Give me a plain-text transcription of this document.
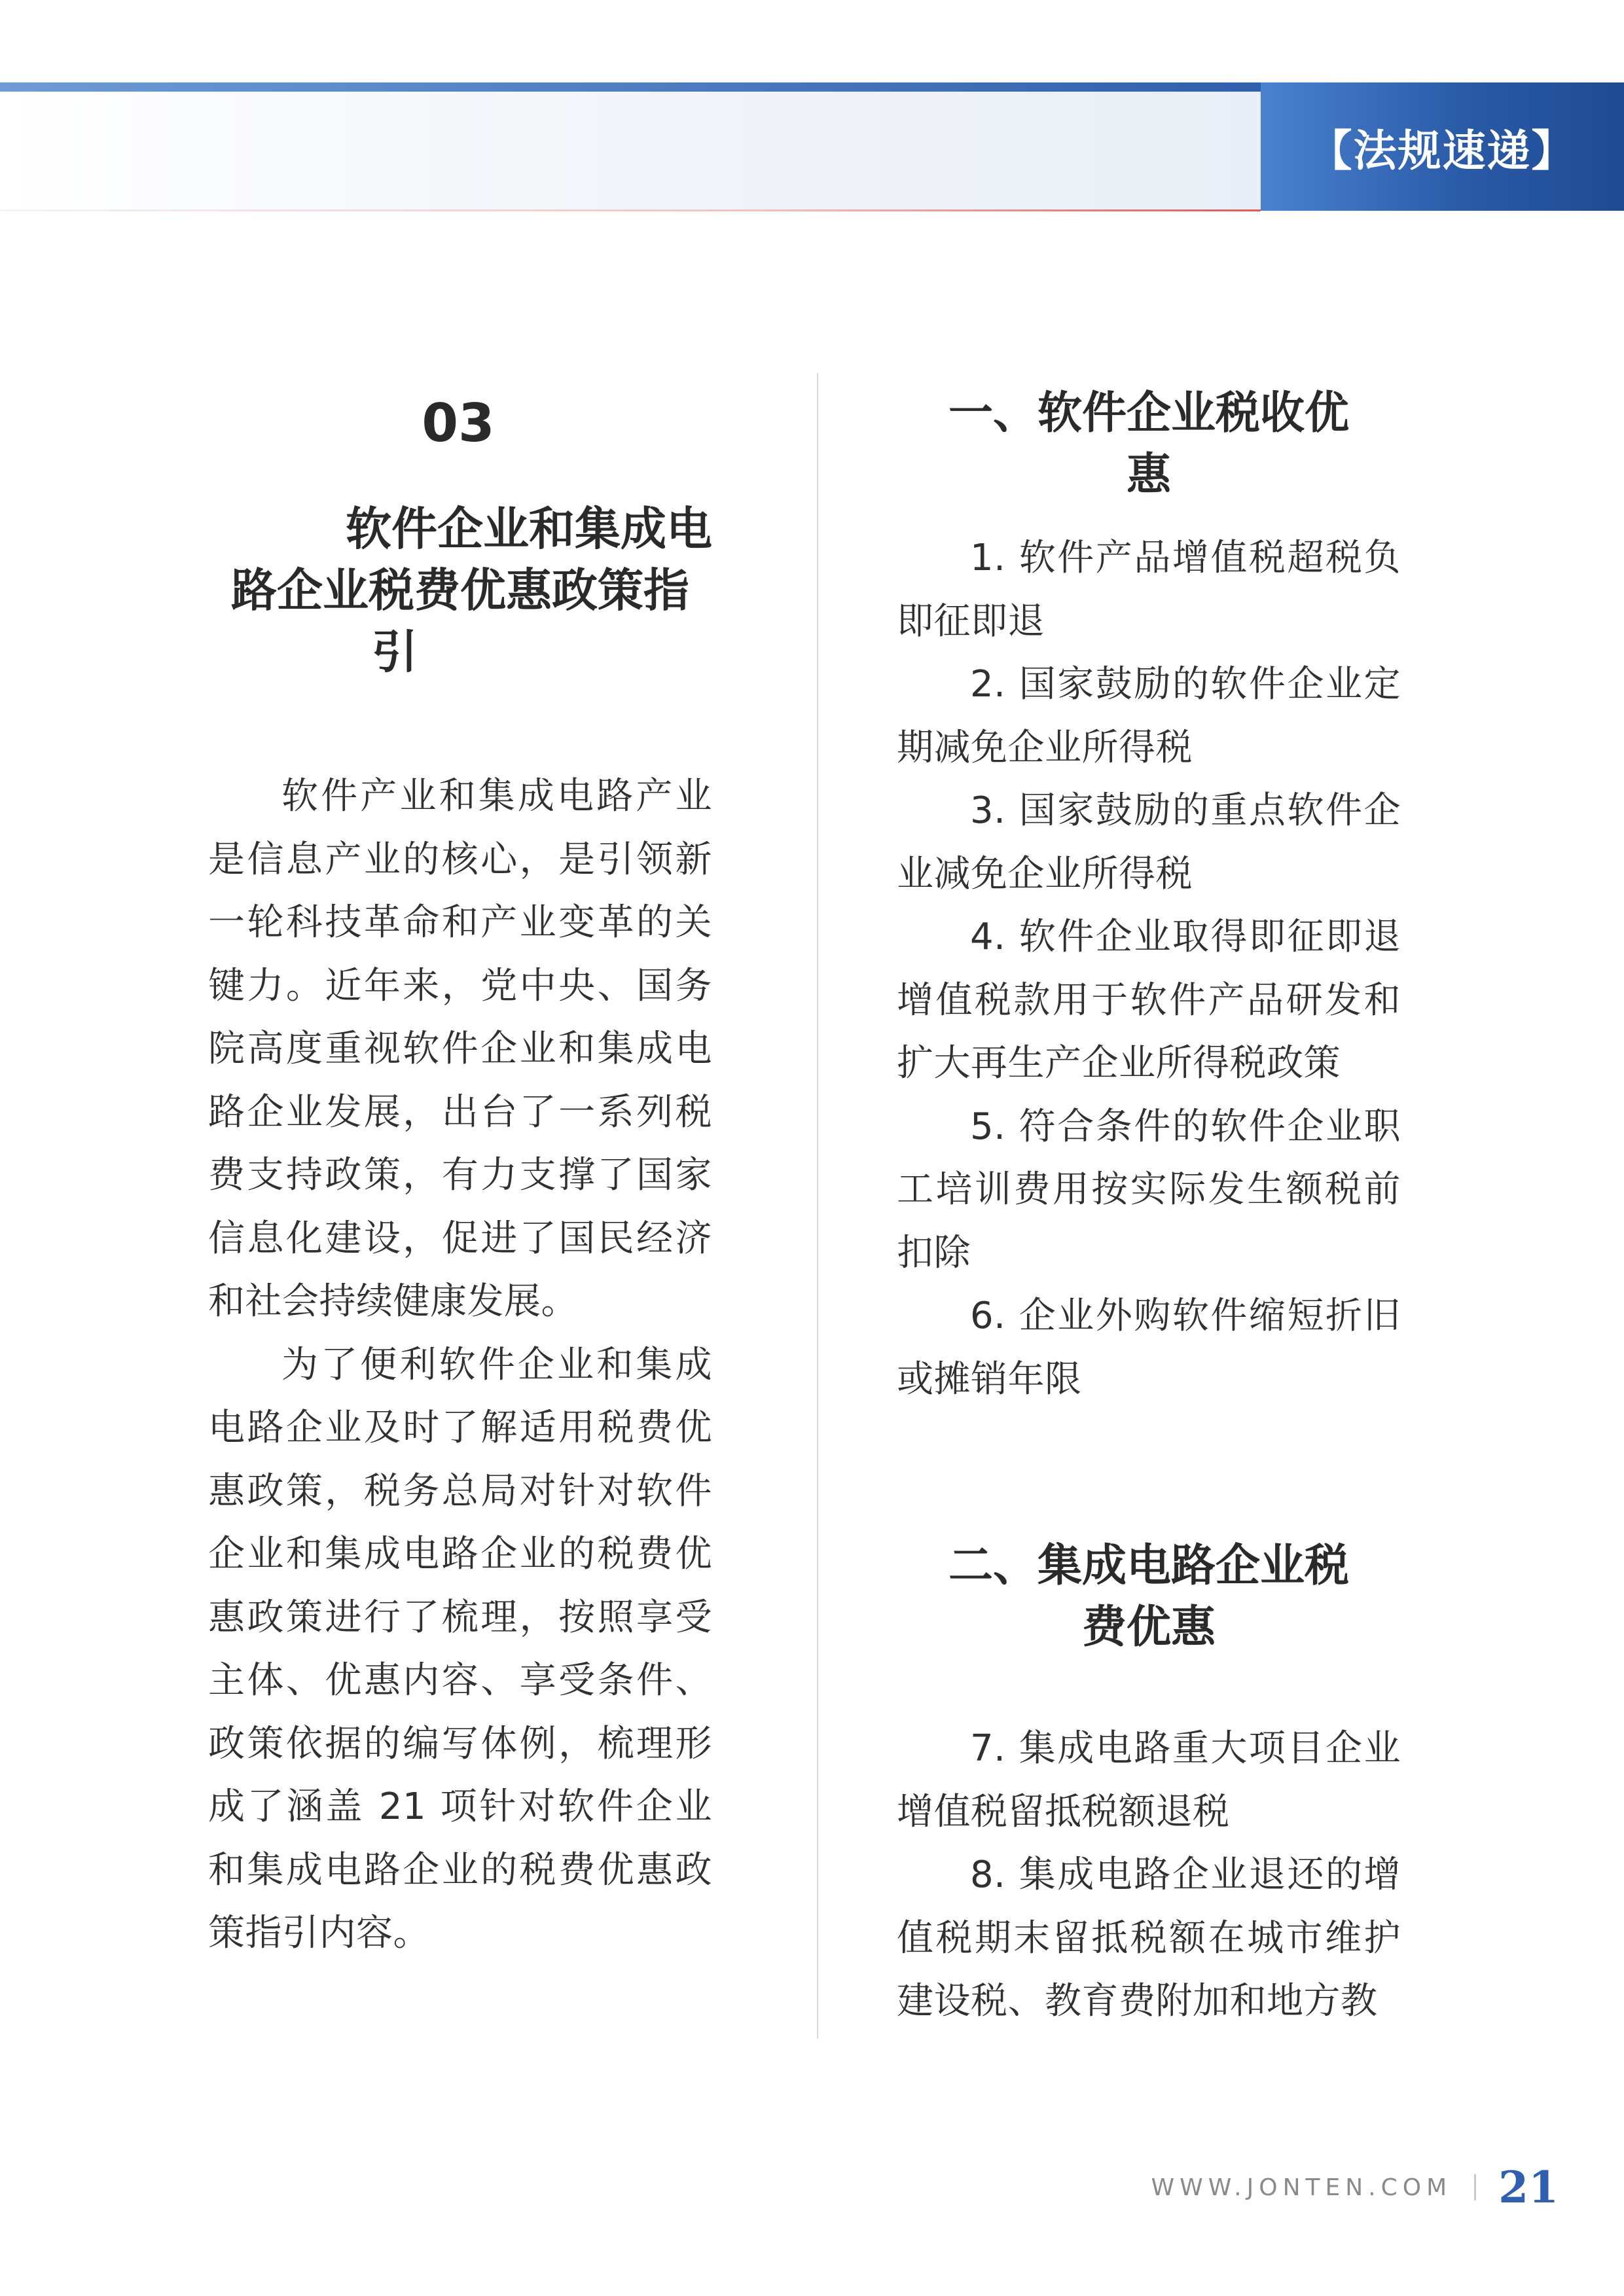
【法规速递】
03
软件企业和集成电
路企业税费优惠政策指
引

软件产业和集成电路产业是信息产业的核心，是引领新一轮科技革命和产业变革的关键力。近年来，党中央、国务院高度重视软件企业和集成电路企业发展，出台了一系列税费支持政策，有力支撑了国家信息化建设，促进了国民经济和社会持续健康发展。

为了便利软件企业和集成电路企业及时了解适用税费优惠政策，税务总局对针对软件企业和集成电路企业的税费优惠政策进行了梳理，按照享受主体、优惠内容、享受条件、政策依据的编写体例，梳理形成了涵盖 21 项针对软件企业和集成电路企业的税费优惠政策指引内容。

一、软件企业税收优
惠

1. 软件产品增值税超税负即征即退

2. 国家鼓励的软件企业定期减免企业所得税

3. 国家鼓励的重点软件企业减免企业所得税

4. 软件企业取得即征即退增值税款用于软件产品研发和扩大再生产企业所得税政策

5. 符合条件的软件企业职工培训费用按实际发生额税前扣除

6. 企业外购软件缩短折旧或摊销年限

二、集成电路企业税
费优惠

7. 集成电路重大项目企业增值税留抵税额退税

8. 集成电路企业退还的增值税期末留抵税额在城市维护建设税、教育费附加和地方教

WWW.JONTEN.COM 21
